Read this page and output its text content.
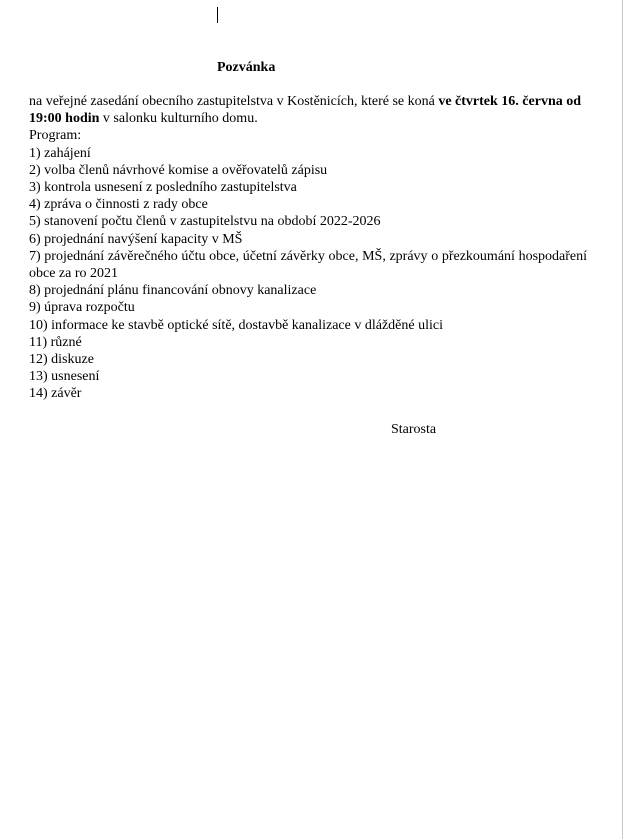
Pozvánka

na veřejné zasedání obecního zastupitelstva v Kostěnicích, které se koná ve čtvrtek 16. června od 19:00 hodin v salonku kulturního domu.

Program:

1) zahájení

2) volba členů návrhové komise a ověřovatelů zápisu

3) kontrola usnesení z posledního zastupitelstva

4) zpráva o činnosti z rady obce

5) stanovení počtu členů v zastupitelstvu na období 2022-2026

6) projednání navýšení kapacity v MŠ

7) projednání závěrečného účtu obce, účetní závěrky obce, MŠ, zprávy o přezkoumání hospodaření obce za ro 2021

8) projednání plánu financování obnovy kanalizace

9) úprava rozpočtu

10) informace ke stavbě optické sítě, dostavbě kanalizace v dlážděné ulici

11) různé

12) diskuze

13) usnesení

14) závěr

Starosta
